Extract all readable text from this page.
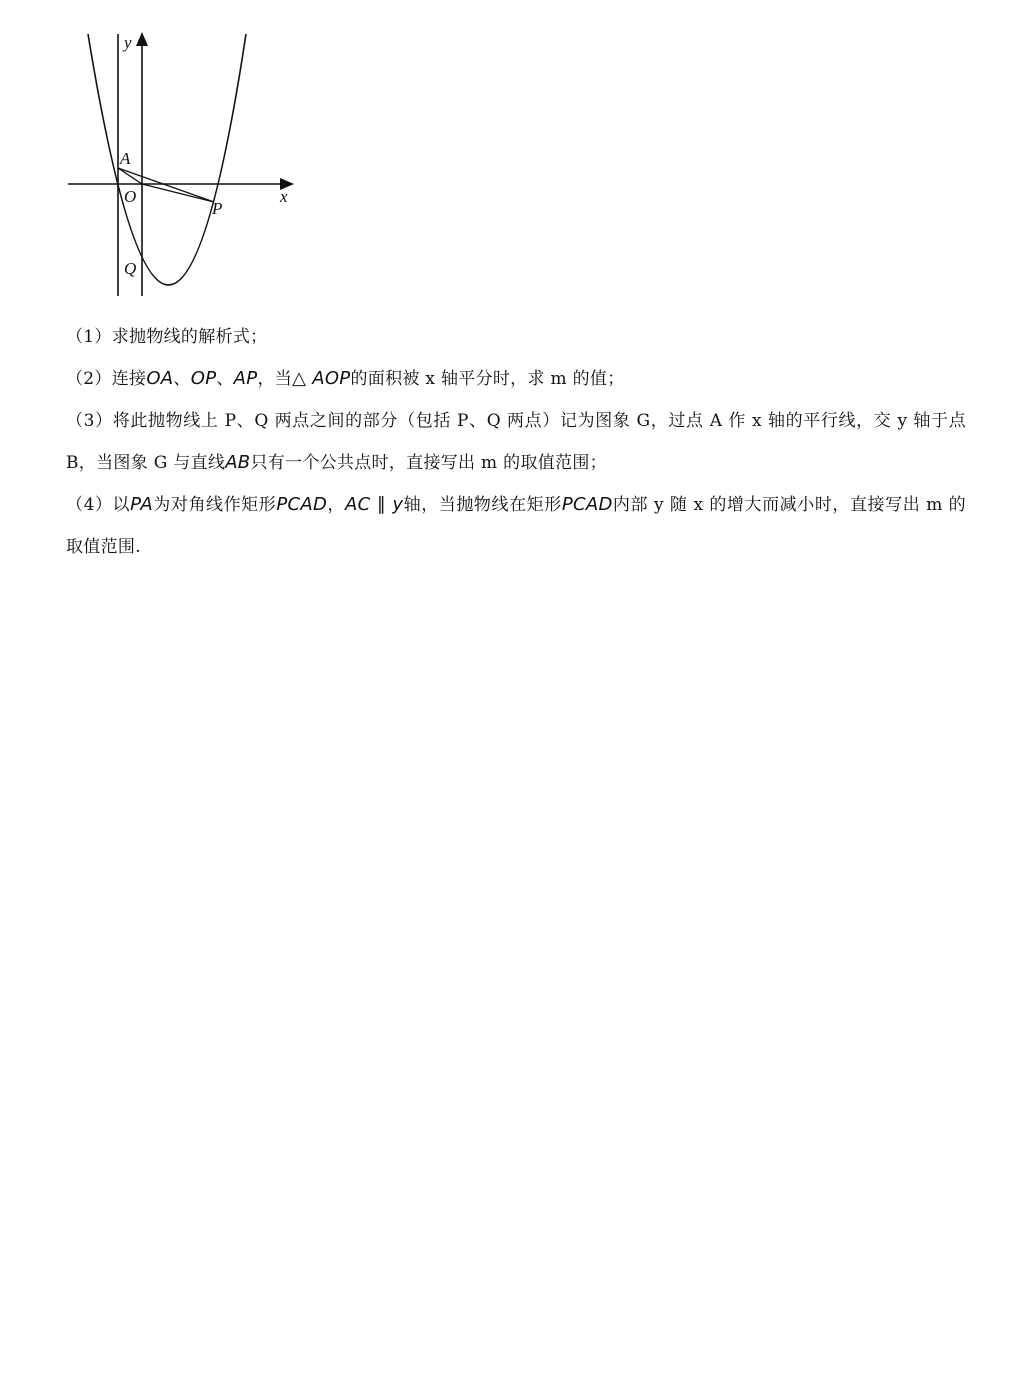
y
x
A
O
P
Q

（1）求抛物线的解析式；

（2）连接OA、OP、AP，当△ AOP的面积被 x 轴平分时，求 m 的值；

（3）将此抛物线上 P、Q 两点之间的部分（包括 P、Q 两点）记为图象 G，过点 A 作 x 轴的平行线，交 y 轴于点 B，当图象 G 与直线AB只有一个公共点时，直接写出 m 的取值范围；

（4）以PA为对角线作矩形PCAD，AC ∥ y轴，当抛物线在矩形PCAD内部 y 随 x 的增大而减小时，直接写出 m 的取值范围.
